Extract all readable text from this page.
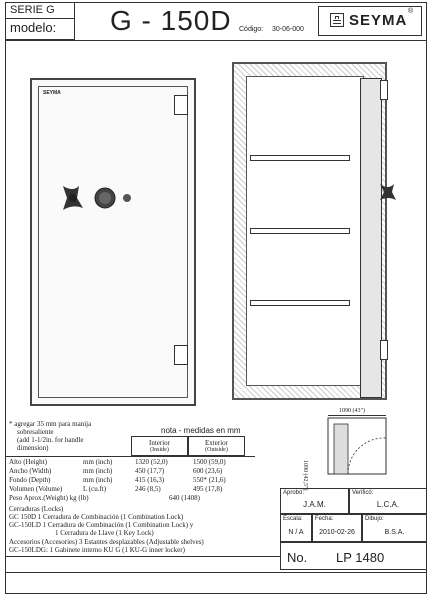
SERIE G
modelo: G - 150D Código: 30-06-000
SEYMA
®
SEYMA
1090 (43")
1090 (42,5")
* agregar 35 mm para manija
sobresaliente
(add 1-1/2in. for handle
dimension)
nota - medidas en mm
Interior
(Inside)
Exterior
(Outside)
Alto (Height)	mm (inch)	1320 (52,0)	1500 (59,0)
Ancho (Width)	mm (inch)	450 (17,7)	600 (23,6)
Fondo (Depth)	mm (inch)	415 (16,3)	550* (21,6)
Volumen (Volume)	L (cu.ft)	246 (8,5)	495 (17,8)
Peso Aprox.(Weight) kg (lb)	640 (1408)
Cerraduras (Locks)
GC 150D 1 Cerradura de Combinación (1 Combination Lock)
GC-150LD 1 Cerradura de Combinación (1 Combination Lock) y
1 Cerradura de Llave (1 Key Lock)
Accesorios (Accesories) 3 Estantes desplazables (Adjustable shelves)
GC-150LDG: 1 Gabinete interno KU G (1 KU-G inner locker)
Aprobó:
J.A.M.
Verificó:
L.C.A.
Escala:
N / A
Fecha:
2010-02-26
Dibujo:
B.S.A.
No. LP 1480
